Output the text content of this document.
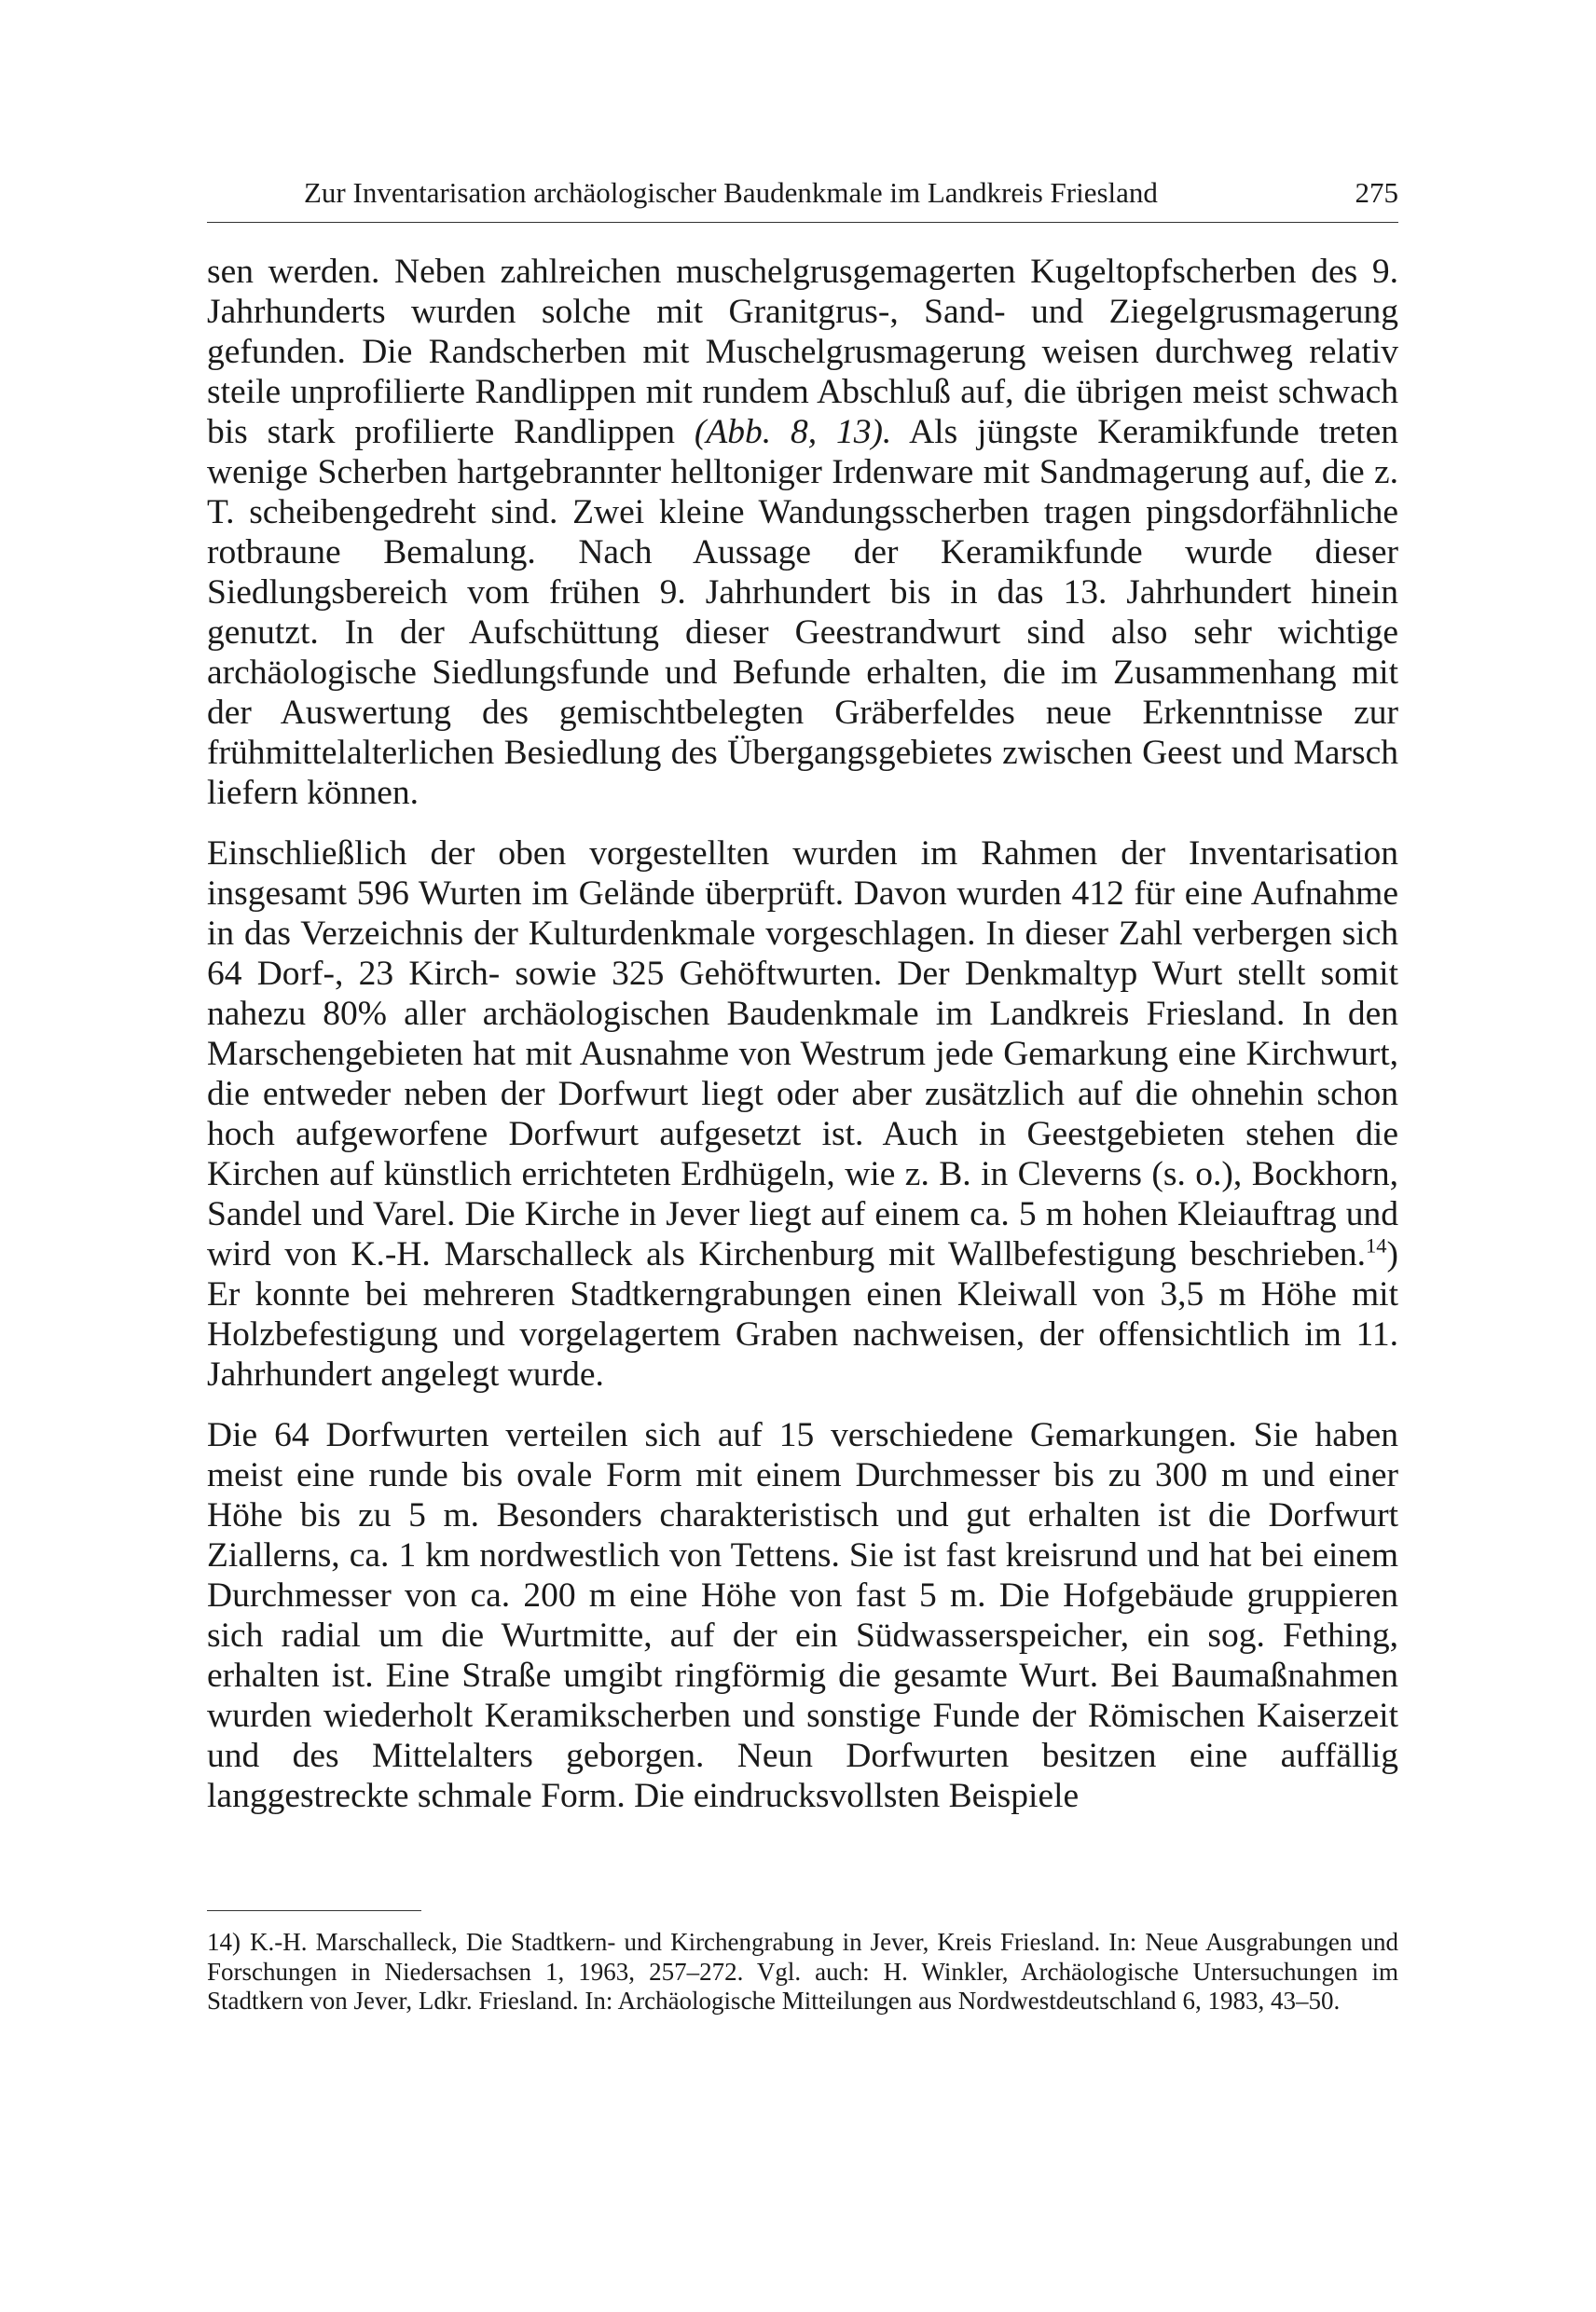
Zur Inventarisation archäologischer Baudenkmale im Landkreis Friesland	275

sen werden. Neben zahlreichen muschelgrusgemagerten Kugeltopfscherben des 9. Jahrhunderts wurden solche mit Granitgrus-, Sand- und Ziegelgrusmagerung gefunden. Die Randscherben mit Muschelgrusmagerung weisen durchweg relativ steile unprofilierte Randlippen mit rundem Abschluß auf, die übrigen meist schwach bis stark profilierte Randlippen (Abb. 8, 13). Als jüngste Keramikfunde treten wenige Scherben hartgebrannter helltoniger Irdenware mit Sandmagerung auf, die z. T. scheibengedreht sind. Zwei kleine Wandungsscherben tragen pingsdorfähnliche rotbraune Bemalung. Nach Aussage der Keramikfunde wurde dieser Siedlungsbereich vom frühen 9. Jahrhundert bis in das 13. Jahrhundert hinein genutzt. In der Aufschüttung dieser Geestrandwurt sind also sehr wichtige archäologische Siedlungsfunde und Befunde erhalten, die im Zusammenhang mit der Auswertung des gemischtbelegten Gräberfeldes neue Erkenntnisse zur frühmittelalterlichen Besiedlung des Übergangsgebietes zwischen Geest und Marsch liefern können.

Einschließlich der oben vorgestellten wurden im Rahmen der Inventarisation insgesamt 596 Wurten im Gelände überprüft. Davon wurden 412 für eine Aufnahme in das Verzeichnis der Kulturdenkmale vorgeschlagen. In dieser Zahl verbergen sich 64 Dorf-, 23 Kirch- sowie 325 Gehöftwurten. Der Denkmaltyp Wurt stellt somit nahezu 80% aller archäologischen Baudenkmale im Landkreis Friesland. In den Marschengebieten hat mit Ausnahme von Westrum jede Gemarkung eine Kirchwurt, die entweder neben der Dorfwurt liegt oder aber zusätzlich auf die ohnehin schon hoch aufgeworfene Dorfwurt aufgesetzt ist. Auch in Geestgebieten stehen die Kirchen auf künstlich errichteten Erdhügeln, wie z. B. in Cleverns (s. o.), Bockhorn, Sandel und Varel. Die Kirche in Jever liegt auf einem ca. 5 m hohen Kleiauftrag und wird von K.-H. Marschalleck als Kirchenburg mit Wallbefestigung beschrieben.$^{14}$) Er konnte bei mehreren Stadtkerngrabungen einen Kleiwall von 3,5 m Höhe mit Holzbefestigung und vorgelagertem Graben nachweisen, der offensichtlich im 11. Jahrhundert angelegt wurde.

Die 64 Dorfwurten verteilen sich auf 15 verschiedene Gemarkungen. Sie haben meist eine runde bis ovale Form mit einem Durchmesser bis zu 300 m und einer Höhe bis zu 5 m. Besonders charakteristisch und gut erhalten ist die Dorfwurt Ziallerns, ca. 1 km nordwestlich von Tettens. Sie ist fast kreisrund und hat bei einem Durchmesser von ca. 200 m eine Höhe von fast 5 m. Die Hofgebäude gruppieren sich radial um die Wurtmitte, auf der ein Südwasserspeicher, ein sog. Fething, erhalten ist. Eine Straße umgibt ringförmig die gesamte Wurt. Bei Baumaßnahmen wurden wiederholt Keramikscherben und sonstige Funde der Römischen Kaiserzeit und des Mittelalters geborgen. Neun Dorfwurten besitzen eine auffällig langgestreckte schmale Form. Die eindrucksvollsten Beispiele

14) K.-H. Marschalleck, Die Stadtkern- und Kirchengrabung in Jever, Kreis Friesland. In: Neue Ausgrabungen und Forschungen in Niedersachsen 1, 1963, 257–272. Vgl. auch: H. Winkler, Archäologische Untersuchungen im Stadtkern von Jever, Ldkr. Friesland. In: Archäologische Mitteilungen aus Nordwestdeutschland 6, 1983, 43–50.
